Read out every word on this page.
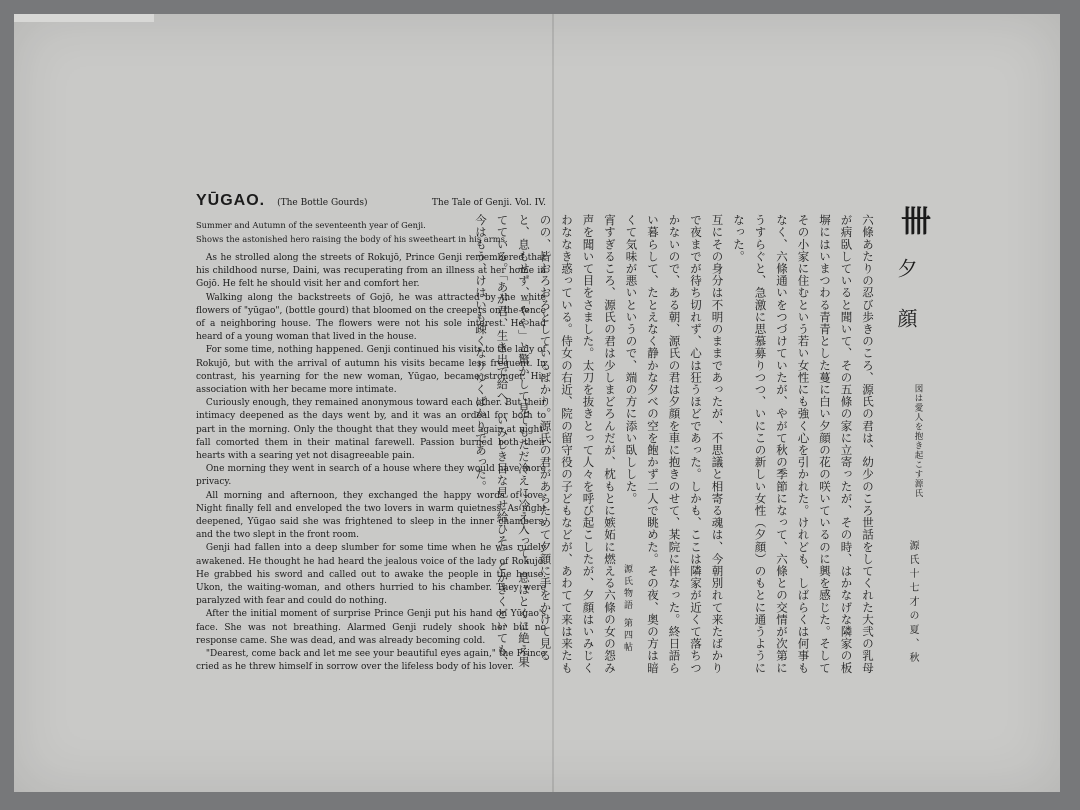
YŪGAO. (The Bottle Gourds)	The Tale of Genji. Vol. IV.
Summer and Autumn of the seventeenth year of Genji.
Shows the astonished hero raising the body of his sweetheart in his arms.

As he strolled along the streets of Rokujō, Prince Genji remembered that his childhood nurse, Daini, was recuperating from an illness at her home in Gojō. He felt he should visit her and comfort her.

Walking along the backstreets of Gojō, he was attracted by the white flowers of "yūgao", (bottle gourd) that bloomed on the creepers on the fence of a neighboring house. The flowers were not his sole interest. He had heard of a young woman that lived in the house.

For some time, nothing happened. Genji continued his visits to the lady of Rokujō, but with the arrival of autumn his visits became less frequent. In contrast, his yearning for the new woman, Yūgao, became stronger. His association with her became more intimate.

Curiously enough, they remained anonymous toward each other. But their intimacy deepened as the days went by, and it was an ordeal for both to part in the morning. Only the thought that they would meet again at night-fall comorted them in their matinal farewell. Passion burned both their hearts with a searing yet not disagreeable pain.

One morning they went in search of a house where they would have more privacy.

All morning and afternoon, they exchanged the happy words of love. Night finally fell and enveloped the two lovers in warm quietness. As night deepened, Yūgao said she was frightened to sleep in the inner chambers, and the two slept in the front room.

Genji had fallen into a deep slumber for some time when he was rudely awakened. He thought he had heard the jealous voice of the lady of Rokujō. He grabbed his sword and called out to awake the people in the house. Ukon, the waiting-woman, and others hurried to his chamber. They were paralyzed with fear and could do nothing.

After the initial moment of surprise Prince Genji put his hand on Yūgao's face. She was not breathing. Alarmed Genji rudely shook her but no response came. She was dead, and was already becoming cold.

"Dearest, come back and let me see your beautiful eyes again," the Prince cried as he threw himself in sorrow over the lifeless body of his lover.

卌
夕顔
図は愛人を抱き起こす源氏
源氏十七才の夏、秋

六條あたりの忍び歩きのころ、源氏の君は、幼少のころ世話をしてくれた大弐の乳母が病臥していると聞いて、その五條の家に立寄ったが、その時、はかなげな隣家の板塀にはいまつわる青青とした蔓に白い夕顔の花の咲いているのに興を感じた。そしてその小家に住むという若い女性にも強く心を引かれた。けれども、しばらくは何事もなく、六條通いをつづけていたが、やがて秋の季節になって、六條との交情が次第にうすらぐと、急激に思慕募りつつ、いにこの新しい女性（夕顔）のもとに通うようになった。

互にその身分は不明のままであったが、不思議と相寄る魂は、今朝別れて来たばかりで夜までが待ち切れず、心は狂うほどであった。しかも、ここは隣家が近くて落ちつかないので、ある朝、源氏の君は夕顔を車に抱きのせて、某院に伴なった。終日語らい暮らして、たとえなく静かな夕べの空を飽かず二人で眺めた。その夜、奥の方は暗くて気味が悪いというので、端の方に添い臥しした。

宵すぎるころ、源氏の君は少しまどろんだが、枕もとに嫉妬に燃える六條の女の怨み声を聞いて目をさました。太刀を抜きとって人々を呼び起こしたが、夕顔はいみじくわななき惑っている。侍女の右近、院の留守役の子どもなどが、あわてて来は来たものの、皆おろおろとしているばかり。源氏の君があらためて夕顔に手をかけて見ると、息もせず、「やや」と驚かして見てもただ冷えに冷え入って、息はとくに絶え果てている。「あが君、生き出で給へ、いみじき目な見せ給ひそ」とかきくどいても、今はもう、けはいも疎くなりゆくばかりであった。

源氏物語 第四帖
